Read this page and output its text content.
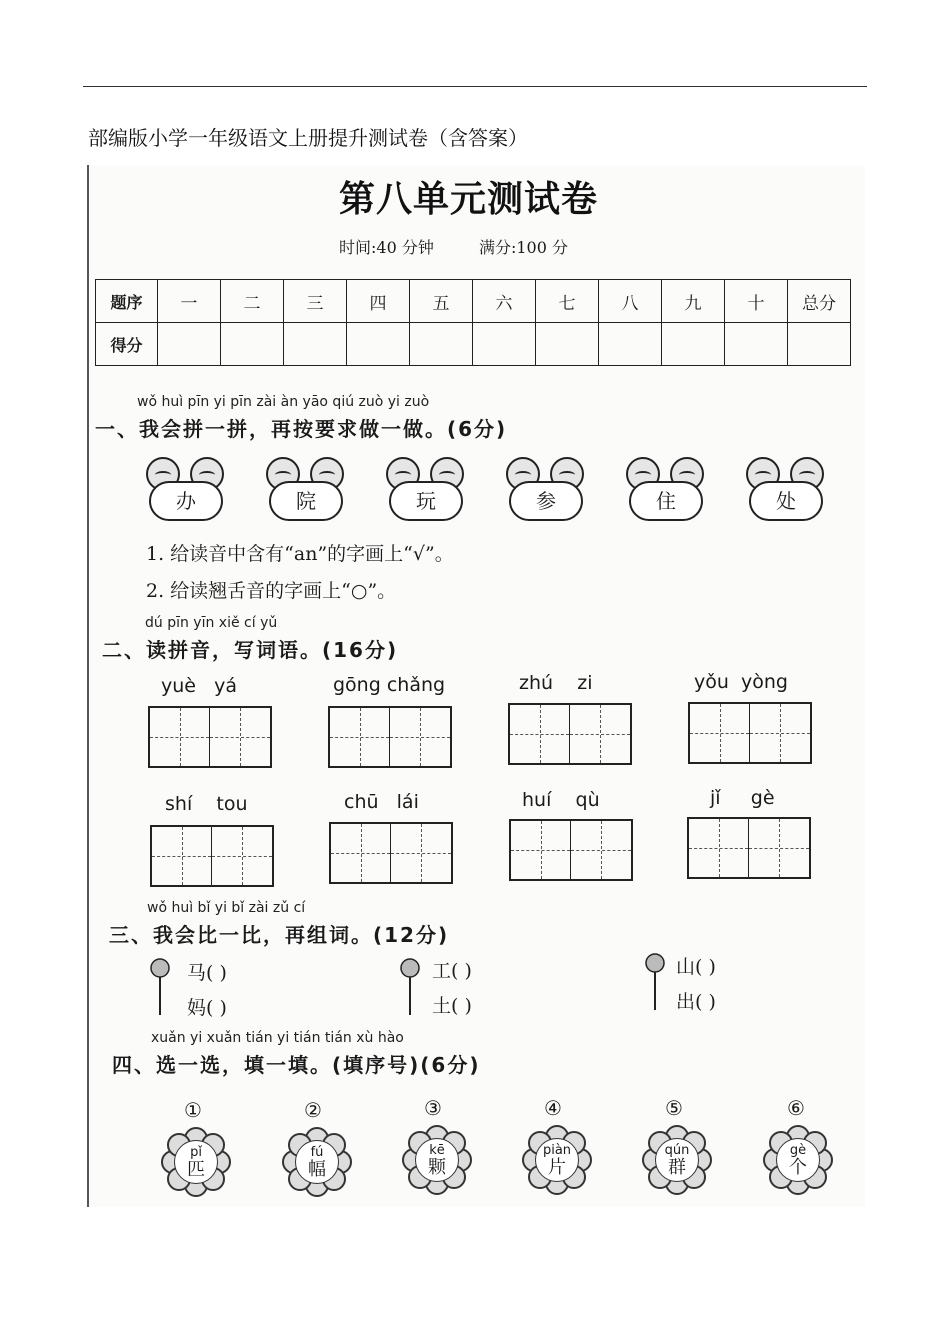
部编版小学一年级语文上册提升测试卷（含答案）
第八单元测试卷
时间:40 分钟	满分:100 分
题序	一	二	三	四	五	六	七	八	九	十	总分
得分											
wǒ huì pīn yi pīn zài àn yāo qiú zuò yi zuò
一、我会拼一拼，再按要求做一做。(6分)
办	院	玩	参	住	处
1. 给读音中含有“an”的字画上“√”。
2. 给读翘舌音的字画上“○”。
dú pīn yīn xiě cí yǔ
二、读拼音，写词语。(16分)
yuè yá	gōng chǎng	zhú zi	yǒu yòng
shí tou	chū lái	huí qù	jǐ gè
wǒ huì bǐ yi bǐ zài zǔ cí
三、我会比一比，再组词。(12分)
马( )
妈( )
工( )
土( )
山( )
出( )
xuǎn yi xuǎn tián yi tián tián xù hào
四、选一选，填一填。(填序号)(6分)
①
pǐ
匹
②
fú
幅
③
kē
颗
④
piàn
片
⑤
qún
群
⑥
gè
个
